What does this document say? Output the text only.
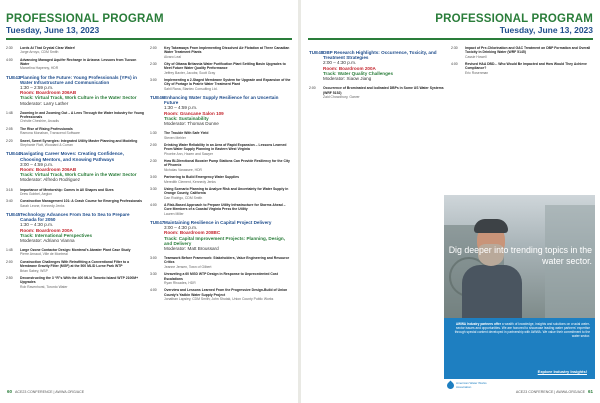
PROFESSIONAL PROGRAM
Tuesday, June 13, 2023
2:30	Lords At That Crystal Clear Water!
Jorge Arroyo, CDM Smith
4:00	Advancing Managed Aquifer Recharge in Arizona: Lessons from Tucson Water
Marcelina Hapenny, HDR
TUE43 Planning for the Future: Young Professionals (YPs) in Water Infrastructure and Communication
1:30 – 2:59 p.m.
Room: Boardroom 206AB
Track: Virtual Track, Work Culture in the Water Sector
Moderator: Larry Lather
1:48	Zooming In and Zooming Out – A Lens Through the Water Industry for Young Professionals
Christie Cheshire, Arcadis
2:05	The Rise of Rising Professionals
Ramona Monahan, Transcend Software
2:20	Sweet, Sweet Synergies: Integrated Utility Master Planning and Modeling
Stephanie Flatt, Woodard & Curran
TUE44 Navigating Career Moves: Creating Confidence, Choosing Mentors, and Knowing Pathways
3:00 – 4:59 p.m.
Room: Boardroom 206AB
Track: Virtual Track, Work Culture in the Water Sector
Moderator: Alfredo Rodriguez
3:15	Importance of Mentorship: Comes in All Shapes and Sizes
Drew Gobbel, Aegion
3:40	Construction Management 101: A Crash Course for Emerging Professionals
Sarah Leone, Kennedy Jenks
TUE45 Technology Advances From Sea to Sea to Prepare Canada for 2050
1:30 – 4:30 p.m.
Room: Boardroom 200A
Track: International Perspectives
Moderator: Adriano Vianna
1:45	Large Ozone Contactor Design: Montreal's Atwater Plant Case Study
Pierre Arnaud, Ville de Montreal
2:00	Construction Challenges With Retrofitting a Conventional Filter to a Membrane Gravity Filter (MGF) at the 500 ML/D Lorne Park WTP
Brian Sabey, WSP
2:50	Deconstructing the 3 “R”s With the 400 ML/d Toronto Island WTP 2100M+ Upgrades
Rob Ravenhorst, Toronto Water
2:00	Key Takeaways From Implementing Dissolved Air Flotation at Three Canadian Water Treatment Plants
Alvaro Leal
2:30	City of Ottawa Britannia Water Purification Plant Settling Basin Upgrades to Meet Future Water Quality Performance
Jeffrey Baxter, Jacobs; Scott Gray
3:00	Implementing a 2-Staged Membrane System for Upgrade and Expansion of the City of Portage la Prairie Water Treatment Plant
Sahil Rana, Stantec Consulting Ltd.
TUE46 Enhancing Water Supply Resilience for an Uncertain Future
1:30 – 4:59 p.m.
Room: Grancane Salon 109
Track: Sustainability
Moderator: Thomas Dunne
1:30	The Trouble With Safe Yield
Steven Mehler
2:00	Drinking Water Reliability in an Area of Rapid Expansion – Lessons Learned From Water Supply Planning in Eastern West Virginia
Phoebe Ann, Hazen and Sawyer
2:30	How Bi-Directional Booster Pump Stations Can Provide Resiliency for the City of Phoenix
Nicholas Vanassee, HDR
3:00	Partnering to Build Emergency Water Supplies
Meredith Clement, Kennedy Jenks
3:30	Using Scenario Planning to Analyze Risk and Uncertainty for Water Supply in Orange County, California
Dan Rodrigo, CDM Smith
4:00	A Risk-Based Approach to Prepare Utility Infrastructure for Storms Ahead – Core Members of a Coastal Virginia Press the Utility
Lauren Miller
TUE47 Maintaining Resilience in Capital Project Delivery
3:00 – 4:30 p.m.
Room: Boardroom 208BC
Track: Capital Improvement Projects: Planning, Design, and Delivery
Moderator: Matt Broussard
3:00	Teamwork Before Framework: Stakeholders, Value Engineering and Resource Critics
Jeanne Jensen, Town of Gilbert
3:30	Unraveling a 60 MGD WTP Design in Response to Unprecedented Cost Escalations
Ryan Rhoades, HDR
4:00	Overview and Lessons Learned From the Progressive Design-Build of Union County's Yadkin Water Supply Project
Jonathan Lapsley, CDM Smith; John Shutak, Union County Public Works
60 ACE23 CONFERENCE | AWWA.ORG/ACE
PROFESSIONAL PROGRAM
Tuesday, June 13, 2023
TUE48 DBP Research Highlights: Occurrence, Toxicity, and Treatment Strategies
2:00 – 4:30 p.m.
Room: Boardroom 200A
Track: Water Quality Challenges
Moderator: Xiaow Jiang
2:00	Occurrence of Brominated and Iodinated DBPs in Some US Water Systems (WRF 5152)
Zaid Chowdhury, Garver
2:30	Impact of Pre-Chlorination and GAC Treatment on DBP Formation and Overall Toxicity in Drinking Water (WRF 5145)
Cassie Howell
4:00	Revised HAA DBD... Who Would Be Impacted and How Would They Achieve Compliance?
Eric Rosenman
Dig deeper into trending topics in the water sector.
AWWA Industry partners offer a wealth of knowledge, insights and solutions on crucial water-sector issues and opportunities. We are honored to showcase leading water partners' expertise through special content developed in partnership with AWWA. We value their commitment to the water sector.
Explore Industry Insights!
American Water Works
Association
ACE23 CONFERENCE | AWWA.ORG/ACE 61
